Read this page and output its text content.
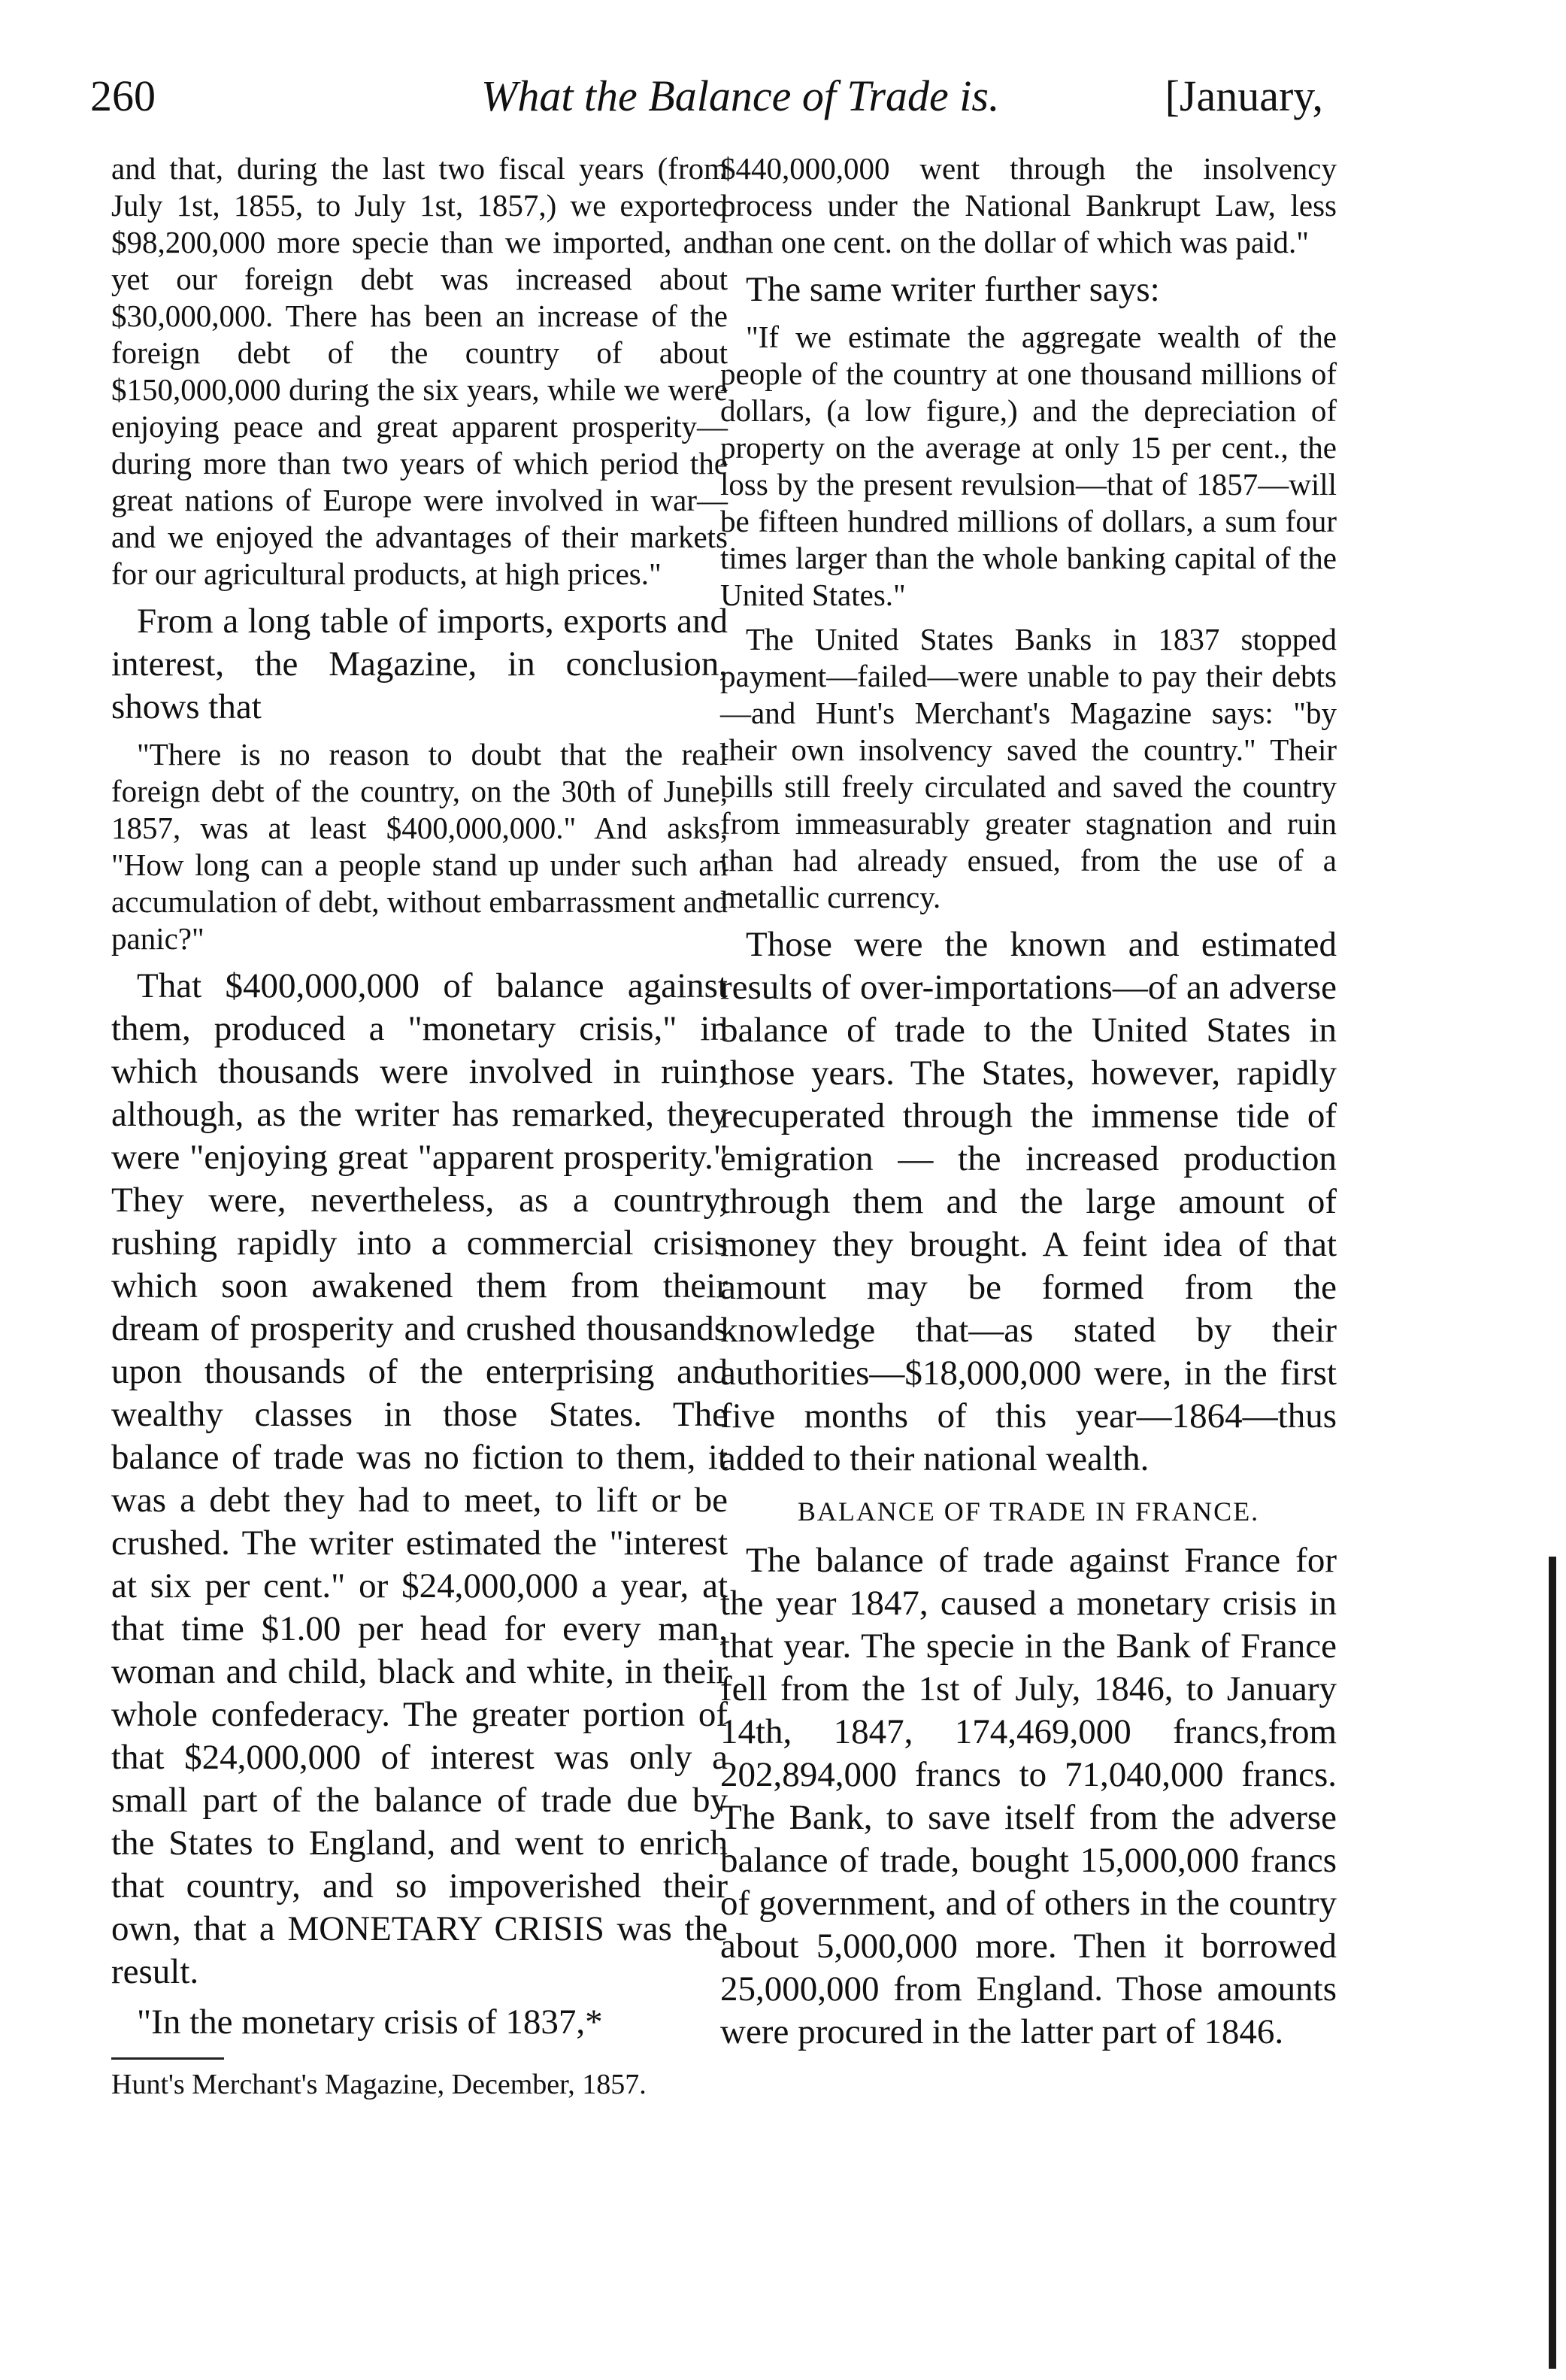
260	What the Balance of Trade is.	[January,

and that, during the last two fiscal years (from July 1st, 1855, to July 1st, 1857,) we exported $98,200,000 more specie than we imported, and yet our foreign debt was increased about $30,000,000. There has been an increase of the foreign debt of the country of about $150,000,000 during the six years, while we were enjoying peace and great apparent prosperity—during more than two years of which period the great nations of Europe were involved in war—and we enjoyed the advantages of their markets for our agricultural products, at high prices."

From a long table of imports, exports and interest, the Magazine, in conclusion, shows that

"There is no reason to doubt that the real foreign debt of the country, on the 30th of June, 1857, was at least $400,000,000." And asks, "How long can a people stand up under such an accumulation of debt, without embarrassment and panic?"

That $400,000,000 of balance against them, produced a "monetary crisis," in which thousands were involved in ruin; although, as the writer has remarked, they were "enjoying great "apparent prosperity." They were, nevertheless, as a country, rushing rapidly into a commercial crisis which soon awakened them from their dream of prosperity and crushed thousands upon thousands of the enterprising and wealthy classes in those States. The balance of trade was no fiction to them, it was a debt they had to meet, to lift or be crushed. The writer estimated the "interest at six per cent." or $24,000,000 a year, at that time $1.00 per head for every man, woman and child, black and white, in their whole confederacy. The greater portion of that $24,000,000 of interest was only a small part of the balance of trade due by the States to England, and went to enrich that country, and so impoverished their own, that a MONETARY CRISIS was the result.

"In the monetary crisis of 1837,*

Hunt's Merchant's Magazine, December, 1857.

$440,000,000 went through the insolvency process under the National Bankrupt Law, less than one cent. on the dollar of which was paid."

The same writer further says:

"If we estimate the aggregate wealth of the people of the country at one thousand millions of dollars, (a low figure,) and the depreciation of property on the average at only 15 per cent., the loss by the present revulsion—that of 1857—will be fifteen hundred millions of dollars, a sum four times larger than the whole banking capital of the United States."

The United States Banks in 1837 stopped payment—failed—were unable to pay their debts—and Hunt's Merchant's Magazine says: "by their own insolvency saved the country." Their bills still freely circulated and saved the country from immeasurably greater stagnation and ruin than had already ensued, from the use of a metallic currency.

Those were the known and estimated results of over-importations—of an adverse balance of trade to the United States in those years. The States, however, rapidly recuperated through the immense tide of emigration — the increased production through them and the large amount of money they brought. A feint idea of that amount may be formed from the knowledge that—as stated by their authorities—$18,000,000 were, in the first five months of this year—1864—thus added to their national wealth.

BALANCE OF TRADE IN FRANCE.

The balance of trade against France for the year 1847, caused a monetary crisis in that year. The specie in the Bank of France fell from the 1st of July, 1846, to January 14th, 1847, 174,469,000 francs,from 202,894,000 francs to 71,040,000 francs. The Bank, to save itself from the adverse balance of trade, bought 15,000,000 francs of government, and of others in the country about 5,000,000 more. Then it borrowed 25,000,000 from England. Those amounts were procured in the latter part of 1846.
